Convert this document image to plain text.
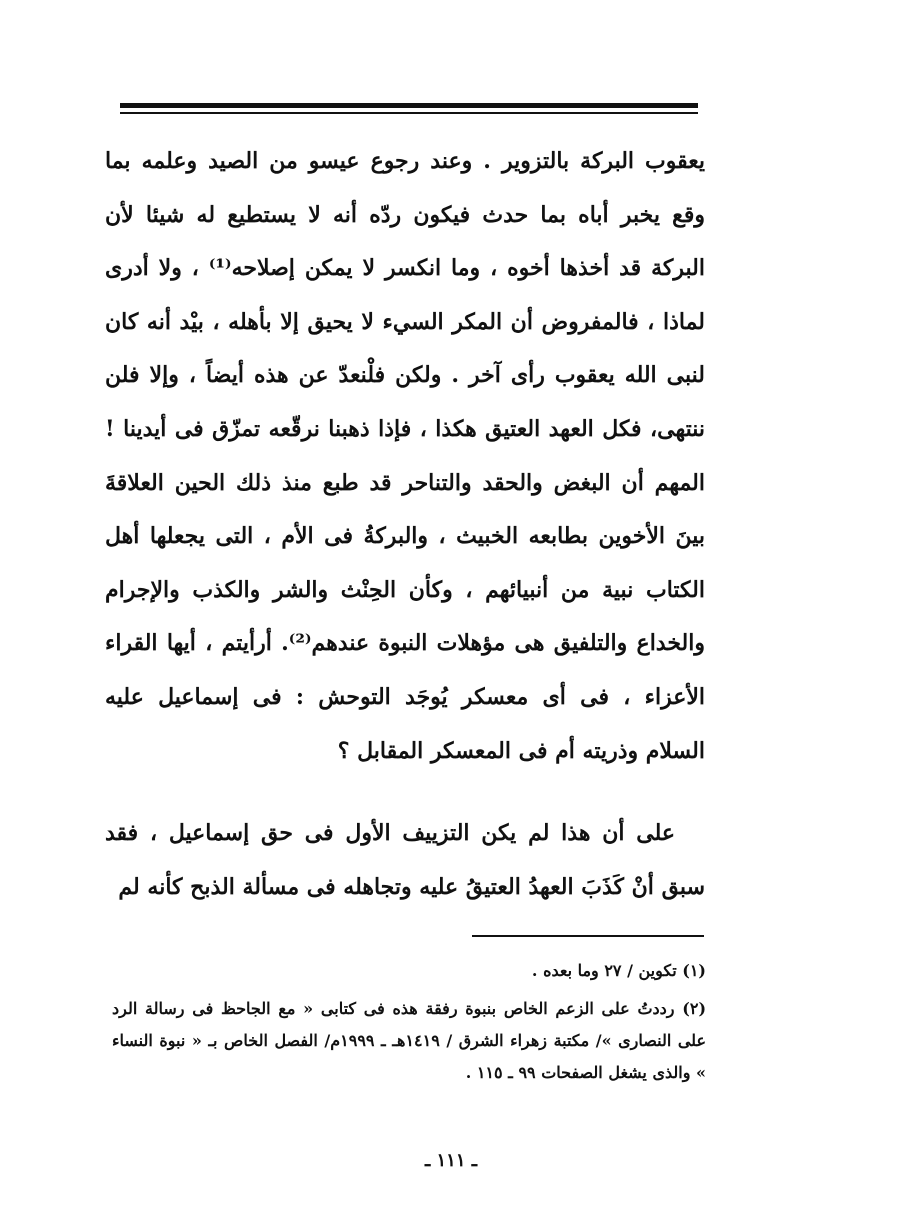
يعقوب البركة بالتزوير . وعند رجوع عيسو من الصيد وعلمه بما وقع يخبر أباه بما حدث فيكون ردّه أنه لا يستطيع له شيئا لأن البركة قد أخذها أخوه ، وما انكسر لا يمكن إصلاحه⁽¹⁾ ، ولا أدرى لماذا ، فالمفروض أن المكر السيء لا يحيق إلا بأهله ، بيْد أنه كان لنبى الله يعقوب رأى آخر . ولكن فلْنعدّ عن هذه أيضاً ، وإلا فلن ننتهى، فكل العهد العتيق هكذا ، فإذا ذهبنا نرقّعه تمزّق فى أيدينا ! المهم أن البغض والحقد والتناحر قد طبع منذ ذلك الحين العلاقةَ بينَ الأخوين بطابعه الخبيث ، والبركةُ فى الأم ، التى يجعلها أهل الكتاب نبية من أنبيائهم ، وكأن الحِنْث والشر والكذب والإجرام والخداع والتلفيق هى مؤهلات النبوة عندهم⁽²⁾. أرأيتم ، أيها القراء الأعزاء ، فى أى معسكر يُوجَد التوحش : فى إسماعيل عليه السلام وذريته أم فى المعسكر المقابل ؟

على أن هذا لم يكن التزييف الأول فى حق إسماعيل ، فقد سبق أنْ كَذَبَ العهدُ العتيقُ عليه وتجاهله فى مسألة الذبح كأنه لم

(١) تكوين / ٢٧ وما بعده .

(٢) رددتُ على الزعم الخاص بنبوة رفقة هذه فى كتابى « مع الجاحظ فى رسالة الرد على النصارى »/ مكتبة زهراء الشرق / ١٤١٩هـ ـ ١٩٩٩م/ الفصل الخاص بـ « نبوة النساء » والذى يشغل الصفحات ٩٩ ـ ١١٥ .

ـ ١١١ ـ
